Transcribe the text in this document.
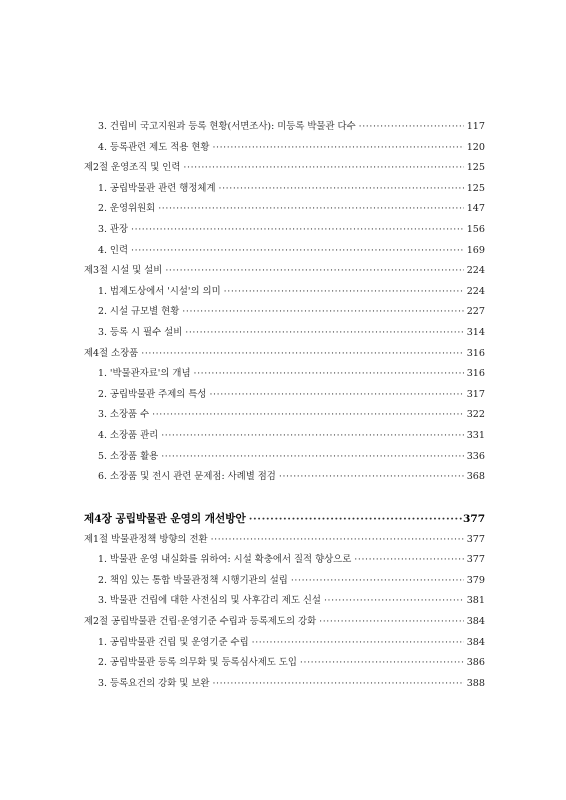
3. 건립비 국고지원과 등록 현황(서면조사): 미등록 박물관 다수 ·····	117
4. 등록관련 제도 적용 현황 ·····	120
제2절 운영조직 및 인력 ·····	125
1. 공립박물관 관련 행정체계 ·····	125
2. 운영위원회 ·····	147
3. 관장 ·····	156
4. 인력 ·····	169
제3절 시설 및 설비 ·····	224
1. 법제도상에서 '시설'의 의미 ·····	224
2. 시설 규모별 현황 ·····	227
3. 등록 시 필수 설비 ·····	314
제4절 소장품 ·····	316
1. '박물관자료'의 개념 ·····	316
2. 공립박물관 주제의 특성 ·····	317
3. 소장품 수 ·····	322
4. 소장품 관리 ·····	331
5. 소장품 활용 ·····	336
6. 소장품 및 전시 관련 문제점: 사례별 점검 ·····	368
제4장 공립박물관 운영의 개선방안 ·····	377
제1절 박물관정책 방향의 전환 ·····	377
1. 박물관 운영 내실화를 위하여: 시설 확충에서 질적 향상으로 ·····	377
2. 책임 있는 통합 박물관정책 시행기관의 설립 ·····	379
3. 박물관 건립에 대한 사전심의 및 사후감리 제도 신설 ·····	381
제2절 공립박물관 건립·운영기준 수립과 등록제도의 강화 ·····	384
1. 공립박물관 건립 및 운영기준 수립 ·····	384
2. 공립박물관 등록 의무화 및 등록심사제도 도입 ·····	386
3. 등록요건의 강화 및 보완 ·····	388
